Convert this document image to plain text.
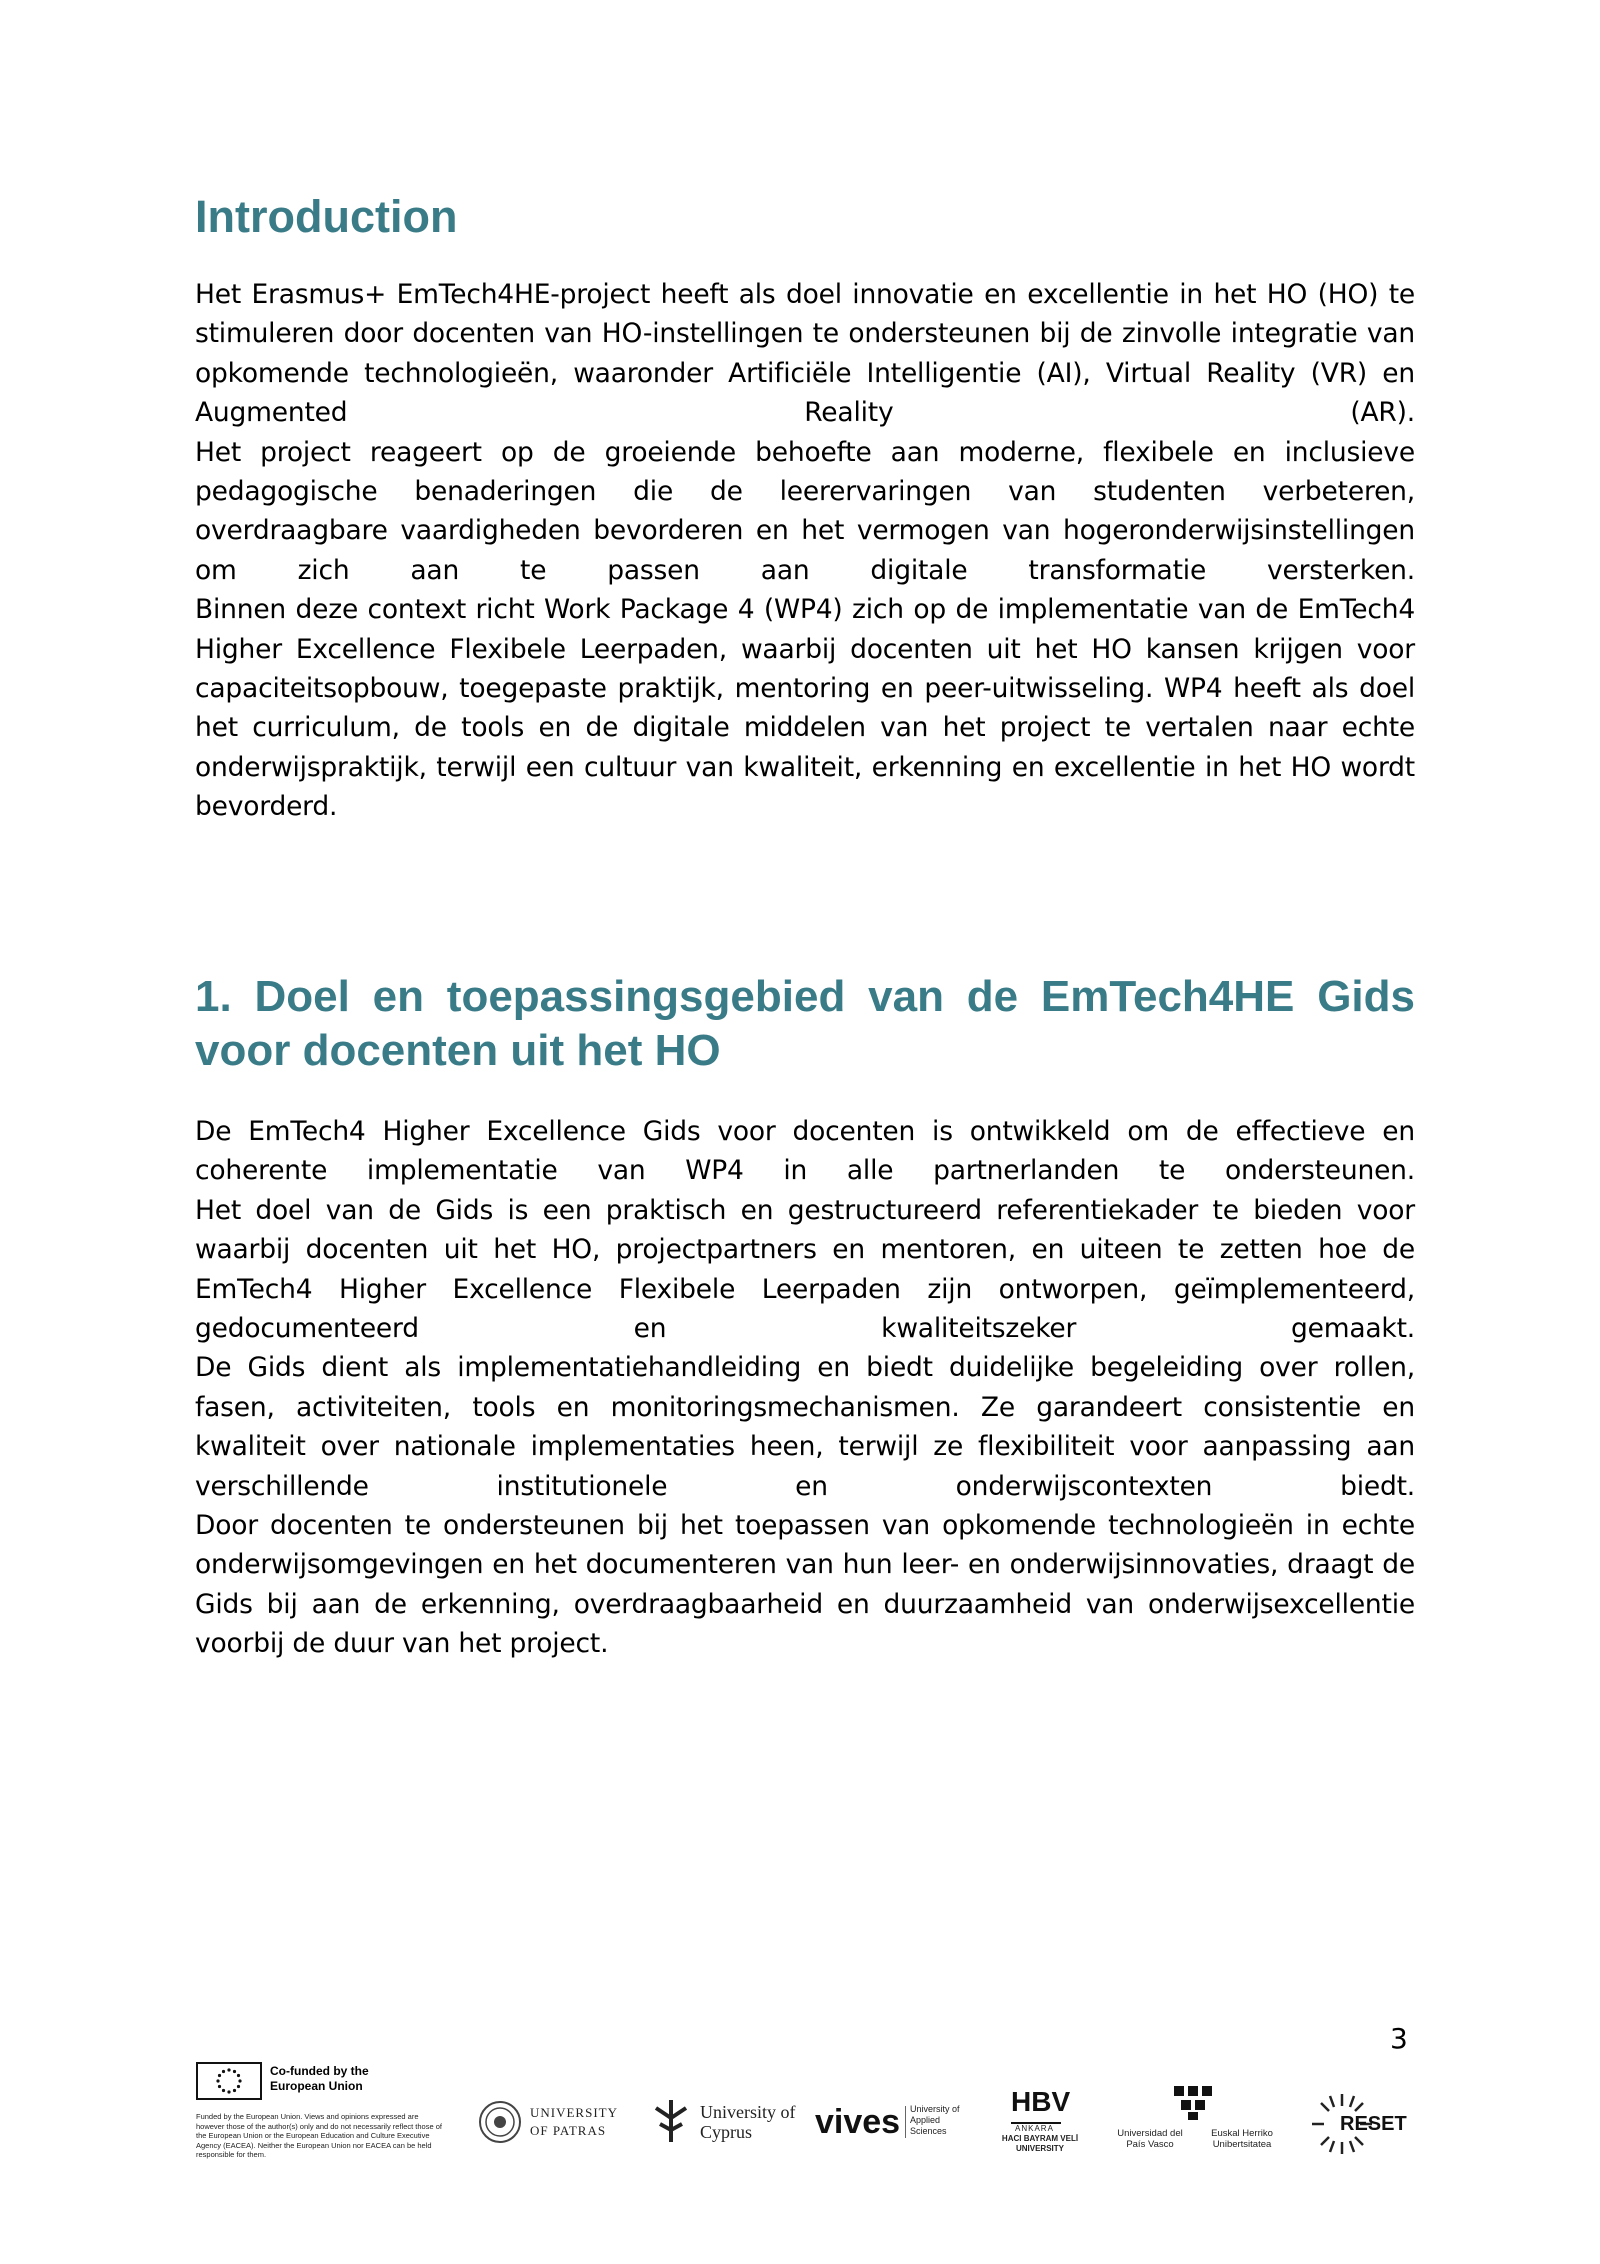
Introduction

Het Erasmus+ EmTech4HE-project heeft als doel innovatie en excellentie in het HO (HO) te stimuleren door docenten van HO-instellingen te ondersteunen bij de zinvolle integratie van opkomende technologieën, waaronder Artificiële Intelligentie (AI), Virtual Reality (VR) en Augmented Reality (AR).

Het project reageert op de groeiende behoefte aan moderne, flexibele en inclusieve pedagogische benaderingen die de leerervaringen van studenten verbeteren, overdraagbare vaardigheden bevorderen en het vermogen van hogeronderwijsinstellingen om zich aan te passen aan digitale transformatie versterken.

Binnen deze context richt Work Package 4 (WP4) zich op de implementatie van de EmTech4 Higher Excellence Flexibele Leerpaden, waarbij docenten uit het HO kansen krijgen voor capaciteitsopbouw, toegepaste praktijk, mentoring en peer-uitwisseling. WP4 heeft als doel het curriculum, de tools en de digitale middelen van het project te vertalen naar echte onderwijspraktijk, terwijl een cultuur van kwaliteit, erkenning en excellentie in het HO wordt bevorderd.

1. Doel en toepassingsgebied van de EmTech4HE Gids voor docenten uit het HO

De EmTech4 Higher Excellence Gids voor docenten is ontwikkeld om de effectieve en coherente implementatie van WP4 in alle partnerlanden te ondersteunen.

Het doel van de Gids is een praktisch en gestructureerd referentiekader te bieden voor waarbij docenten uit het HO, projectpartners en mentoren, en uiteen te zetten hoe de EmTech4 Higher Excellence Flexibele Leerpaden zijn ontworpen, geïmplementeerd, gedocumenteerd en kwaliteitszeker gemaakt.

De Gids dient als implementatiehandleiding en biedt duidelijke begeleiding over rollen, fasen, activiteiten, tools en monitoringsmechanismen. Ze garandeert consistentie en kwaliteit over nationale implementaties heen, terwijl ze flexibiliteit voor aanpassing aan verschillende institutionele en onderwijscontexten biedt.

Door docenten te ondersteunen bij het toepassen van opkomende technologieën in echte onderwijsomgevingen en het documenteren van hun leer- en onderwijsinnovaties, draagt de Gids bij aan de erkenning, overdraagbaarheid en duurzaamheid van onderwijsexcellentie voorbij de duur van het project.

3
Co-funded by the European Union
Funded by the European Union. Views and opinions expressed are however those of the author(s) only and do not necessarily reflect those of the European Union or the European Education and Culture Executive Agency (EACEA). Neither the European Union nor EACEA can be held responsible for them.
UNIVERSITY OF PATRAS
University of Cyprus	vives University of Applied Sciences
HBV
ANKARA
HACI BAYRAM VELİ UNIVERSITY
Universidad del País Vasco
Euskal Herriko Unibertsitatea
RESET
